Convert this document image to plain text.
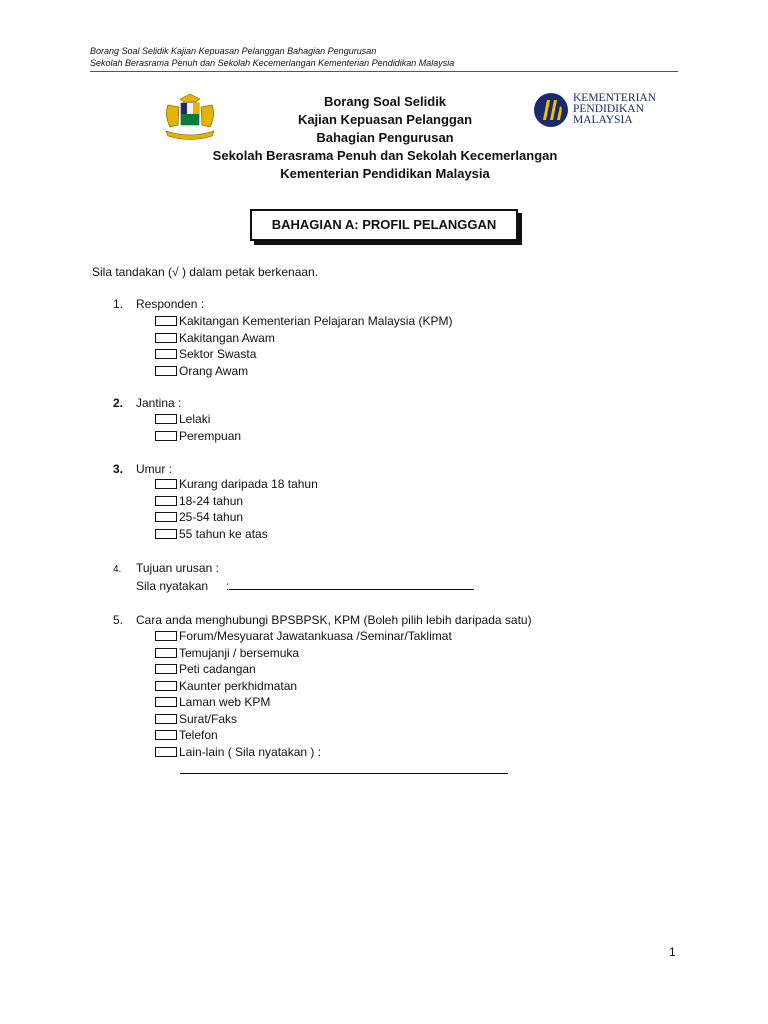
Borang Soal Selidik Kajian Kepuasan Pelanggan Bahagian Pengurusan
Sekolah Berasrama Penuh dan Sekolah Kecemerlangan Kementerian Pendidikan Malaysia
Borang Soal Selidik
Kajian Kepuasan Pelanggan
Bahagian Pengurusan
Sekolah Berasrama Penuh dan Sekolah Kecemerlangan
Kementerian Pendidikan Malaysia
KEMENTERIAN
PENDIDIKAN
MALAYSIA
BAHAGIAN A: PROFIL PELANGGAN
Sila tandakan (√ ) dalam petak berkenaan.
1. Responden :
Kakitangan Kementerian Pelajaran Malaysia (KPM)
Kakitangan Awam
Sektor Swasta
Orang Awam
2. Jantina :
Lelaki
Perempuan
3. Umur :
Kurang daripada 18 tahun
18-24 tahun
25-54 tahun
55 tahun ke atas
4. Tujuan urusan :
Sila nyatakan :
5. Cara anda menghubungi BPSBPSK, KPM (Boleh pilih lebih daripada satu)
Forum/Mesyuarat Jawatankuasa /Seminar/Taklimat
Temujanji / bersemuka
Peti cadangan
Kaunter perkhidmatan
Laman web KPM
Surat/Faks
Telefon
Lain-lain ( Sila nyatakan ) :
1
